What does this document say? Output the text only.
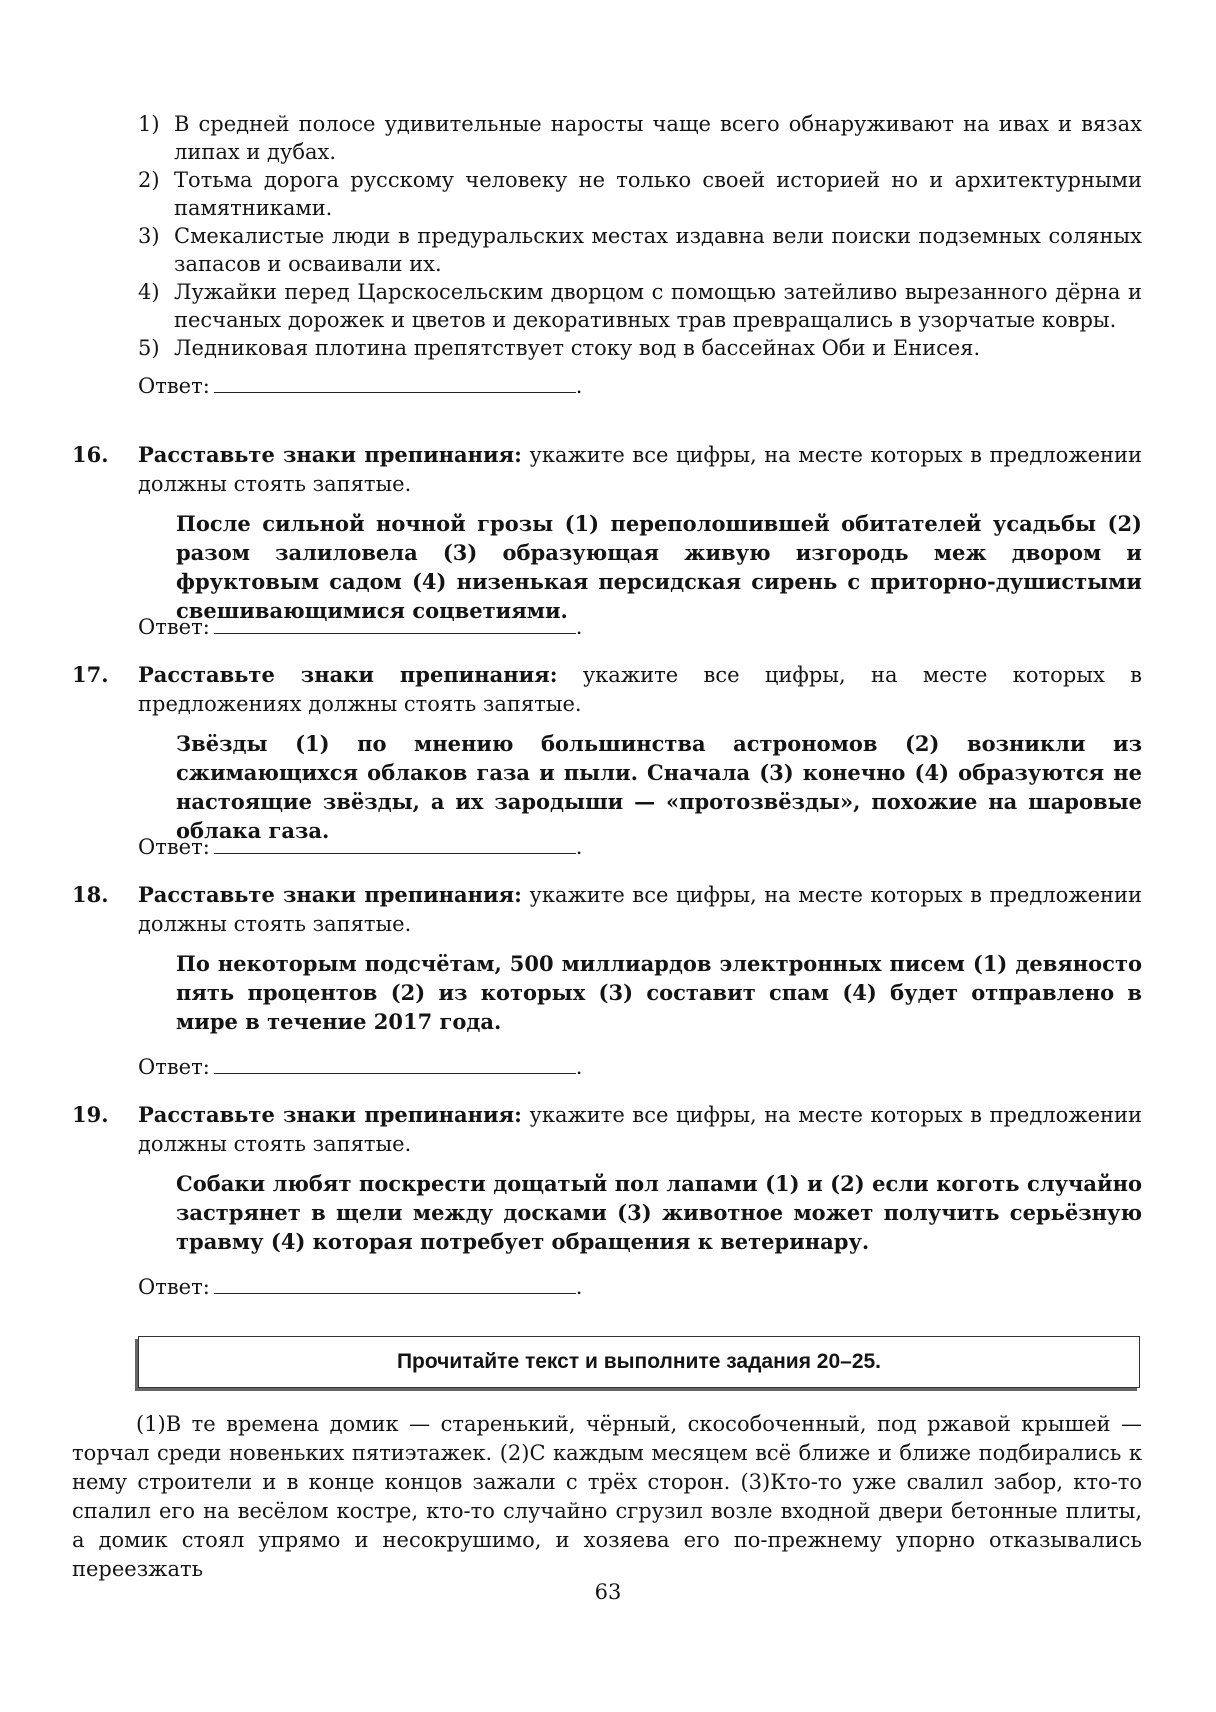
1) В средней полосе удивительные наросты чаще всего обнаруживают на ивах и вязах липах и дубах.
2) Тотьма дорога русскому человеку не только своей историей но и архитектурными памятниками.
3) Смекалистые люди в предуральских местах издавна вели поиски подземных соляных запасов и осваивали их.
4) Лужайки перед Царскосельским дворцом с помощью затейливо вырезанного дёрна и песчаных дорожек и цветов и декоративных трав превращались в узорчатые ковры.
5) Ледниковая плотина препятствует стоку вод в бассейнах Оби и Енисея.
Ответ:	.
16. Расставьте знаки препинания: укажите все цифры, на месте которых в предложении должны стоять запятые.
После сильной ночной грозы (1) переполошившей обитателей усадьбы (2) разом залиловела (3) образующая живую изгородь меж двором и фруктовым садом (4) низенькая персидская сирень с приторно-душистыми свешивающимися соцветиями.
Ответ:	.
17. Расставьте знаки препинания: укажите все цифры, на месте которых в предложениях должны стоять запятые.
Звёзды (1) по мнению большинства астрономов (2) возникли из сжимающихся облаков газа и пыли. Сначала (3) конечно (4) образуются не настоящие звёзды, а их зародыши — «протозвёзды», похожие на шаровые облака газа.
Ответ:	.
18. Расставьте знаки препинания: укажите все цифры, на месте которых в предложении должны стоять запятые.
По некоторым подсчётам, 500 миллиардов электронных писем (1) девяносто пять процентов (2) из которых (3) составит спам (4) будет отправлено в мире в течение 2017 года.
Ответ:	.
19. Расставьте знаки препинания: укажите все цифры, на месте которых в предложении должны стоять запятые.
Собаки любят поскрести дощатый пол лапами (1) и (2) если коготь случайно застрянет в щели между досками (3) животное может получить серьёзную травму (4) которая потребует обращения к ветеринару.
Ответ:	.
Прочитайте текст и выполните задания 20–25.
(1)В те времена домик — старенький, чёрный, скособоченный, под ржавой крышей — торчал среди новеньких пятиэтажек. (2)С каждым месяцем всё ближе и ближе подбирались к нему строители и в конце концов зажали с трёх сторон. (3)Кто-то уже свалил забор, кто-то спалил его на весёлом костре, кто-то случайно сгрузил возле входной двери бетонные плиты, а домик стоял упрямо и несокрушимо, и хозяева его по-прежнему упорно отказывались переезжать
63
